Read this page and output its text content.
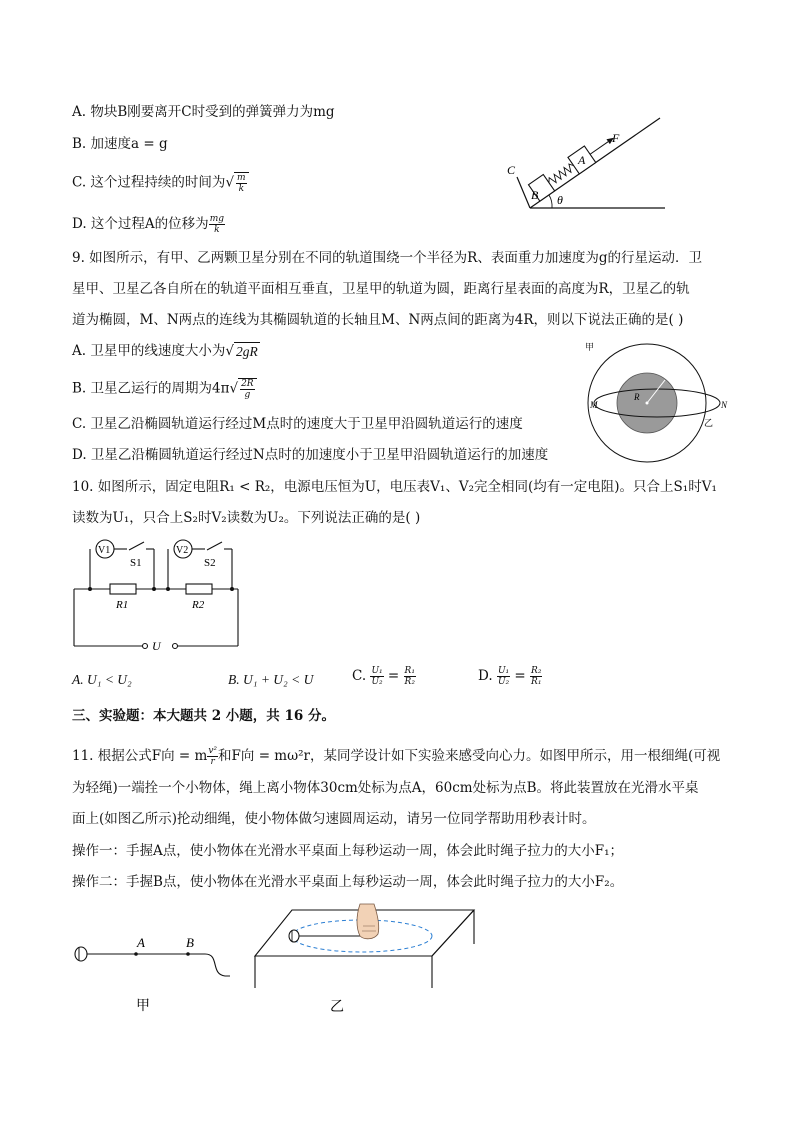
A. 物块B刚要离开C时受到的弹簧弹力为mg
B. 加速度a = g
C. 这个过程持续的时间为√ $\frac{m}{k}$
D. 这个过程A的位移为 $\frac{mg}{k}$
C
B
A
F
θ
9. 如图所示，有甲、乙两颗卫星分别在不同的轨道围绕一个半径为R、表面重力加速度为g的行星运动．卫
星甲、卫星乙各自所在的轨道平面相互垂直，卫星甲的轨道为圆，距离行星表面的高度为R，卫星乙的轨
道为椭圆，M、N两点的连线为其椭圆轨道的长轴且M、N两点间的距离为4R，则以下说法正确的是( )
A. 卫星甲的线速度大小为√ 2gR
B. 卫星乙运行的周期为$4\pi√ \frac{2R}{g}$
C. 卫星乙沿椭圆轨道运行经过M点时的速度大于卫星甲沿圆轨道运行的速度
D. 卫星乙沿椭圆轨道运行经过N点时的加速度小于卫星甲沿圆轨道运行的加速度
甲
M	N
R
乙
10. 如图所示，固定电阻R₁ < R₂，电源电压恒为U，电压表V₁、V₂完全相同(均有一定电阻)。只合上S₁时V₁
读数为U₁，只合上S₂时V₂读数为U₂。下列说法正确的是( )
V1	V2
S1	S2
R1	R2
U
A. U₁ < U₂	B. U₁ + U₂ < U	C. $\frac{\text{U₁}}{\text{U₂}} = \frac{\text{R₁}}{\text{R₂}}$	D. $\frac{\text{U₁}}{\text{U₂}} = \frac{\text{R₂}}{\text{R₁}}$
三、实验题：本大题共 2 小题，共 16 分。
11. 根据公式F向 = m $\frac{\text{v²}}{r}$ 和F向 = mω²r，某同学设计如下实验来感受向心力。如图甲所示，用一根细绳(可视
为轻绳)一端拴一个小物体，绳上离小物体30cm处标为点A，60cm处标为点B。将此装置放在光滑水平桌
面上(如图乙所示)抡动细绳，使小物体做匀速圆周运动，请另一位同学帮助用秒表计时。
操作一：手握A点，使小物体在光滑水平桌面上每秒运动一周，体会此时绳子拉力的大小F₁；
操作二：手握B点，使小物体在光滑水平桌面上每秒运动一周，体会此时绳子拉力的大小F₂。
A	B
甲	乙
